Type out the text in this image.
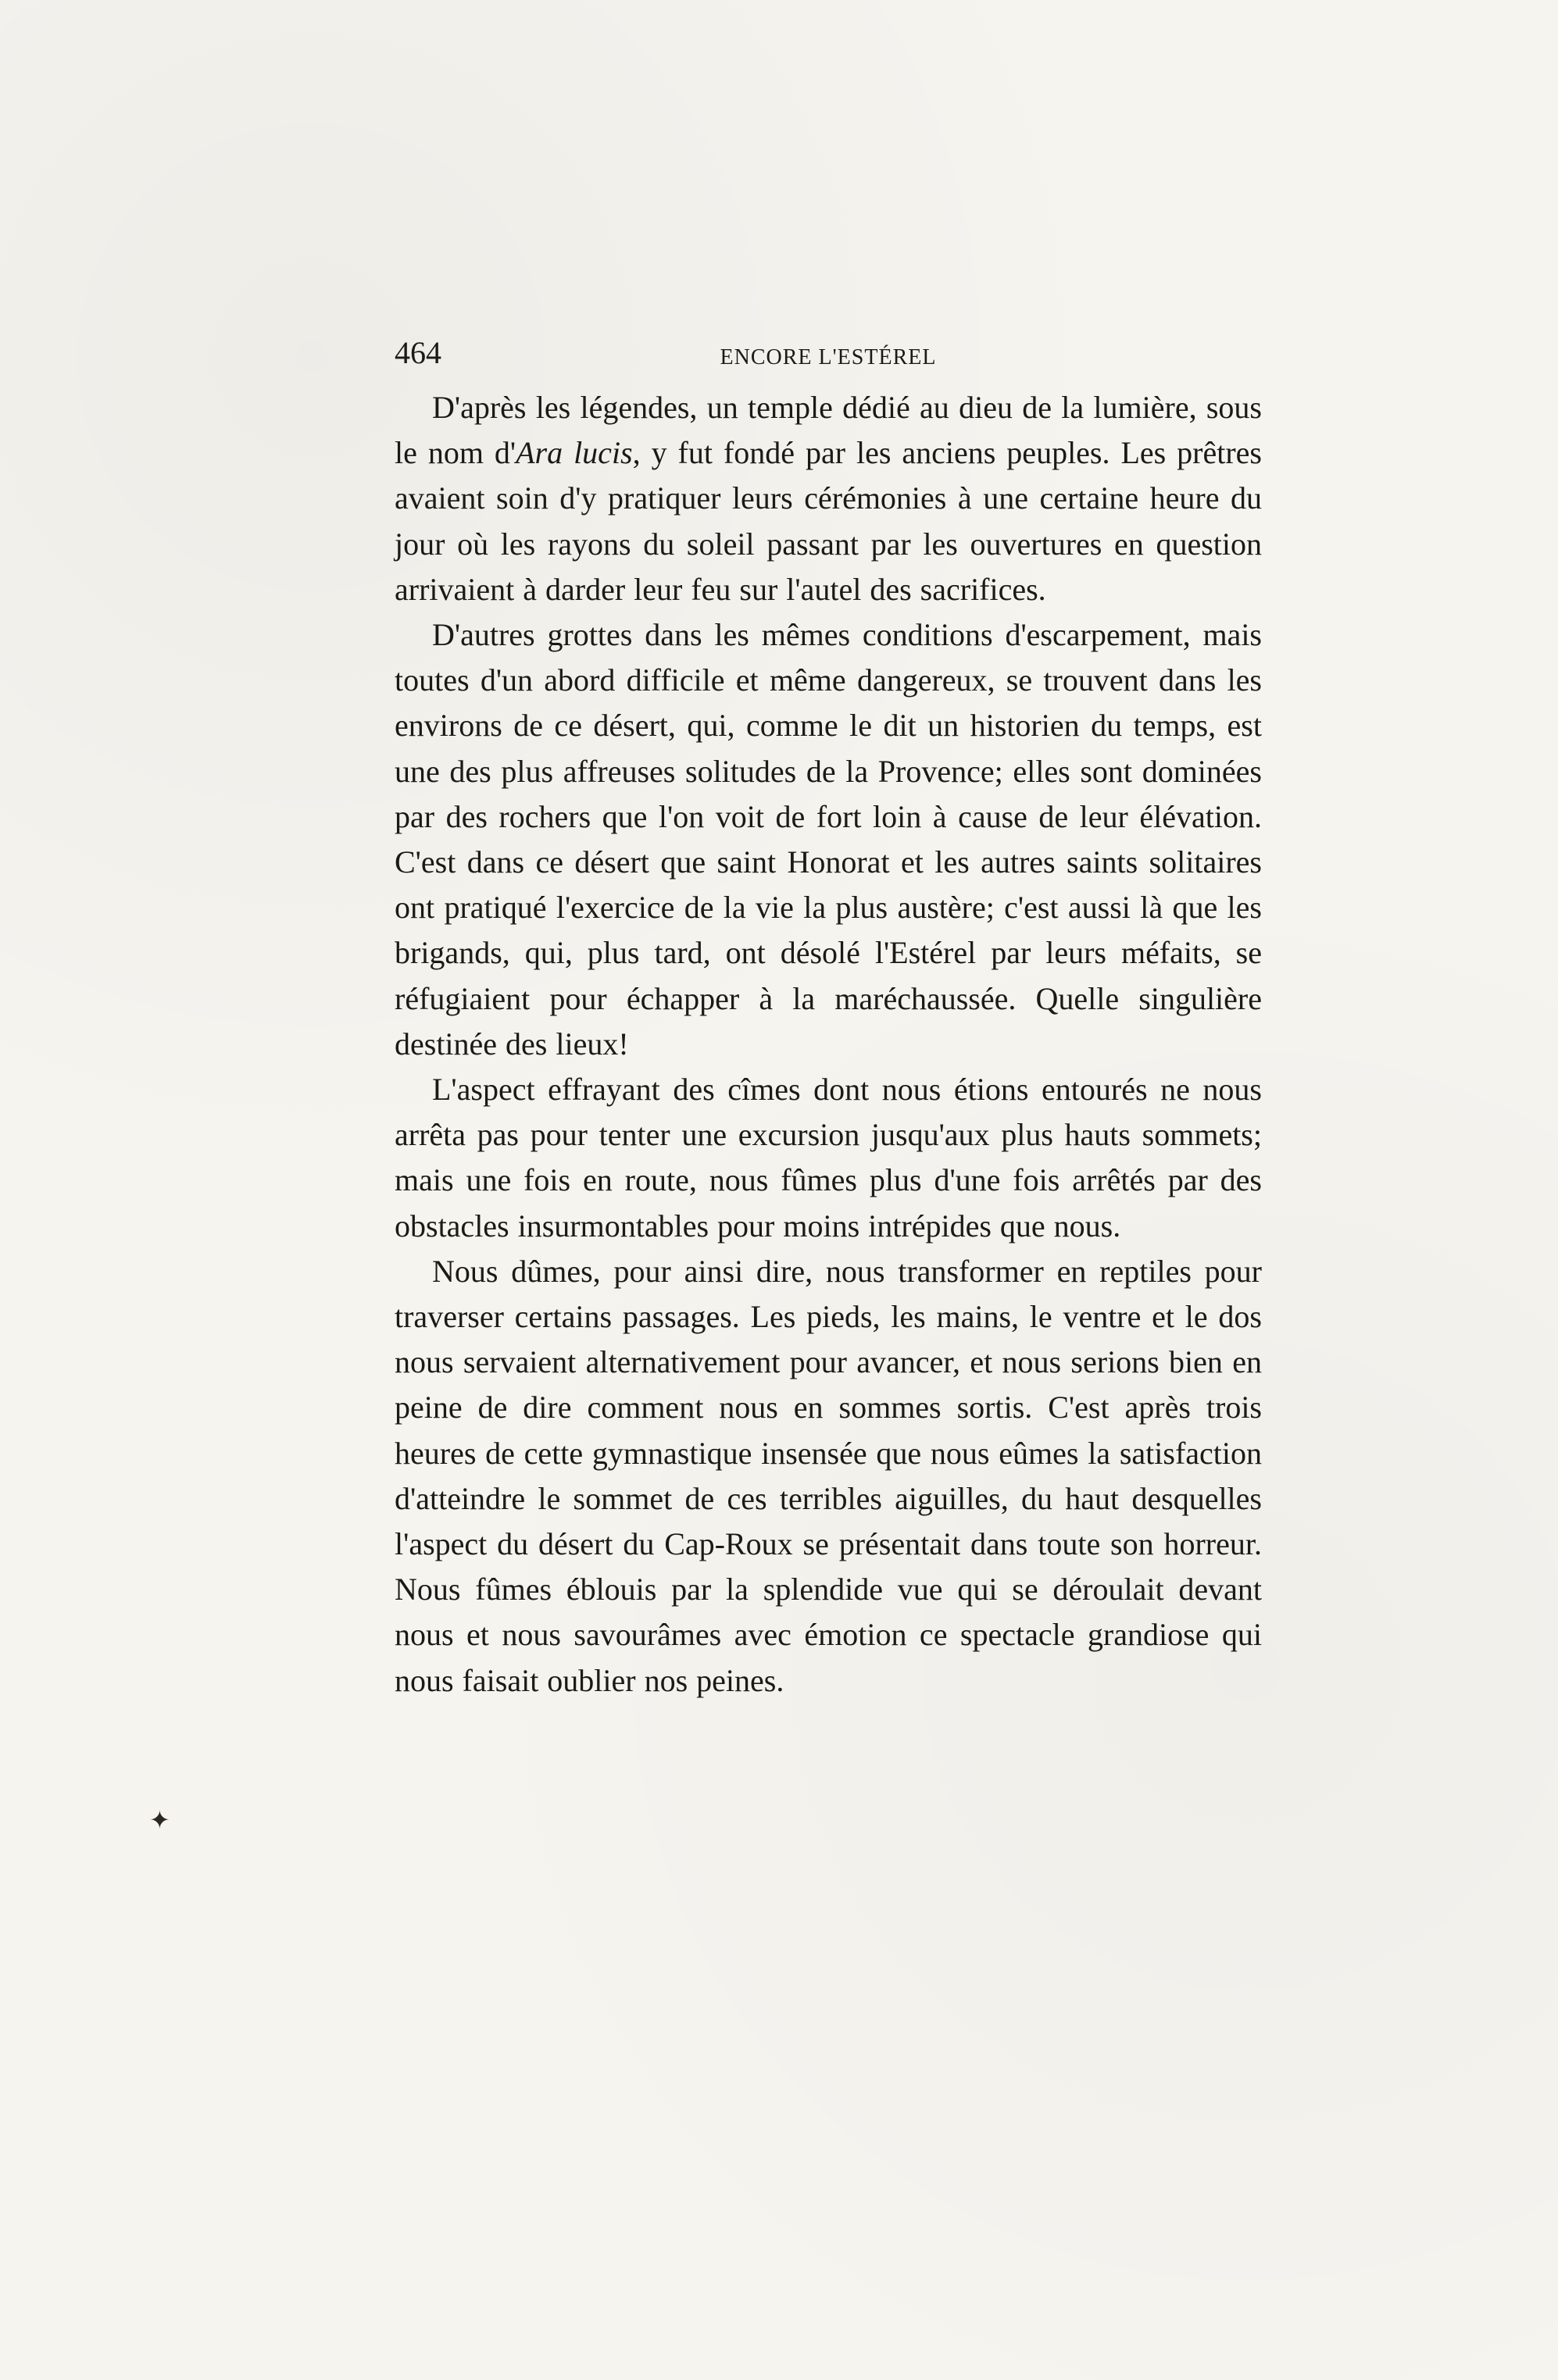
464	ENCORE L'ESTÉREL

D'après les légendes, un temple dédié au dieu de la lumière, sous le nom d'Ara lucis, y fut fondé par les anciens peuples. Les prêtres avaient soin d'y pratiquer leurs cérémonies à une certaine heure du jour où les rayons du soleil passant par les ouvertures en question arrivaient à darder leur feu sur l'autel des sacrifices.

D'autres grottes dans les mêmes conditions d'escarpement, mais toutes d'un abord difficile et même dangereux, se trouvent dans les environs de ce désert, qui, comme le dit un historien du temps, est une des plus affreuses solitudes de la Provence; elles sont dominées par des rochers que l'on voit de fort loin à cause de leur élévation. C'est dans ce désert que saint Honorat et les autres saints solitaires ont pratiqué l'exercice de la vie la plus austère; c'est aussi là que les brigands, qui, plus tard, ont désolé l'Estérel par leurs méfaits, se réfugiaient pour échapper à la maréchaussée. Quelle singulière destinée des lieux!

L'aspect effrayant des cîmes dont nous étions entourés ne nous arrêta pas pour tenter une excursion jusqu'aux plus hauts sommets; mais une fois en route, nous fûmes plus d'une fois arrêtés par des obstacles insurmontables pour moins intrépides que nous.

Nous dûmes, pour ainsi dire, nous transformer en reptiles pour traverser certains passages. Les pieds, les mains, le ventre et le dos nous servaient alternativement pour avancer, et nous serions bien en peine de dire comment nous en sommes sortis. C'est après trois heures de cette gymnastique insensée que nous eûmes la satisfaction d'atteindre le sommet de ces terribles aiguilles, du haut desquelles l'aspect du désert du Cap-Roux se présentait dans toute son horreur. Nous fûmes éblouis par la splendide vue qui se déroulait devant nous et nous savourâmes avec émotion ce spectacle grandiose qui nous faisait oublier nos peines.

✦
